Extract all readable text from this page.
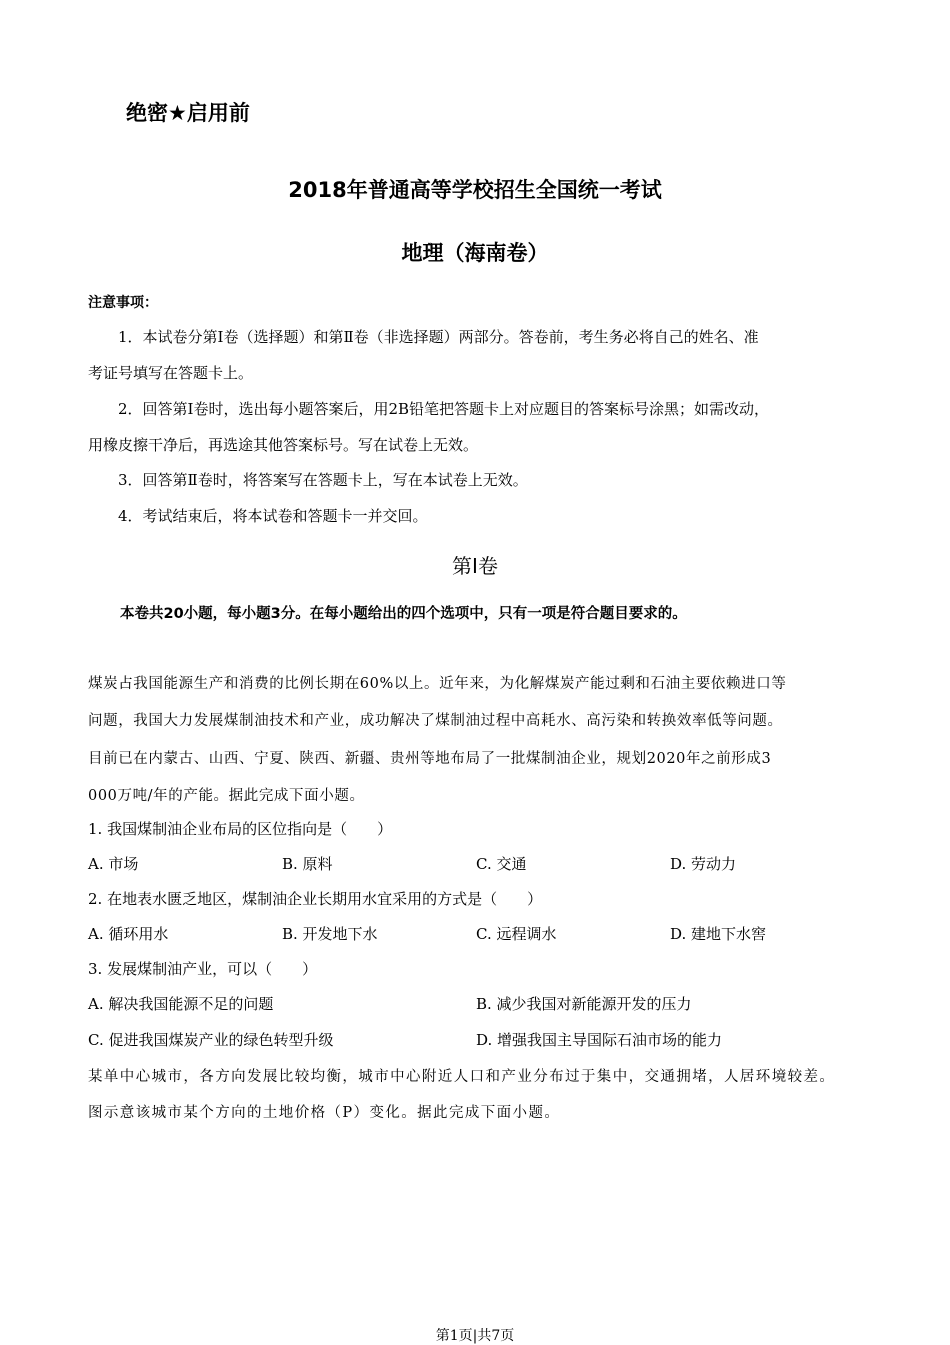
绝密★启用前
2018年普通高等学校招生全国统一考试
地理（海南卷）
注意事项：
1．本试卷分第Ⅰ卷（选择题）和第Ⅱ卷（非选择题）两部分。答卷前，考生务必将自己的姓名、准
考证号填写在答题卡上。
2．回答第Ⅰ卷时，选出每小题答案后，用2B铅笔把答题卡上对应题目的答案标号涂黑；如需改动，
用橡皮擦干净后，再选途其他答案标号。写在试卷上无效。
3．回答第Ⅱ卷时，将答案写在答题卡上，写在本试卷上无效。
4．考试结束后，将本试卷和答题卡一并交回。
第Ⅰ卷
本卷共20小题，每小题3分。在每小题给出的四个选项中，只有一项是符合题目要求的。
煤炭占我国能源生产和消费的比例长期在60%以上。近年来，为化解煤炭产能过剩和石油主要依赖进口等
问题，我国大力发展煤制油技术和产业，成功解决了煤制油过程中高耗水、高污染和转换效率低等问题。
目前已在内蒙古、山西、宁夏、陕西、新疆、贵州等地布局了一批煤制油企业，规划2020年之前形成3
000万吨/年的产能。据此完成下面小题。
1. 我国煤制油企业布局的区位指向是（　　）
A. 市场	B. 原料	C. 交通	D. 劳动力
2. 在地表水匮乏地区，煤制油企业长期用水宜采用的方式是（　　）
A. 循环用水	B. 开发地下水	C. 远程调水	D. 建地下水窖
3. 发展煤制油产业，可以（　　）
A. 解决我国能源不足的问题	B. 减少我国对新能源开发的压力
C. 促进我国煤炭产业的绿色转型升级	D. 增强我国主导国际石油市场的能力
某单中心城市，各方向发展比较均衡，城市中心附近人口和产业分布过于集中，交通拥堵，人居环境较差。
图示意该城市某个方向的土地价格（P）变化。据此完成下面小题。
第1页|共7页
